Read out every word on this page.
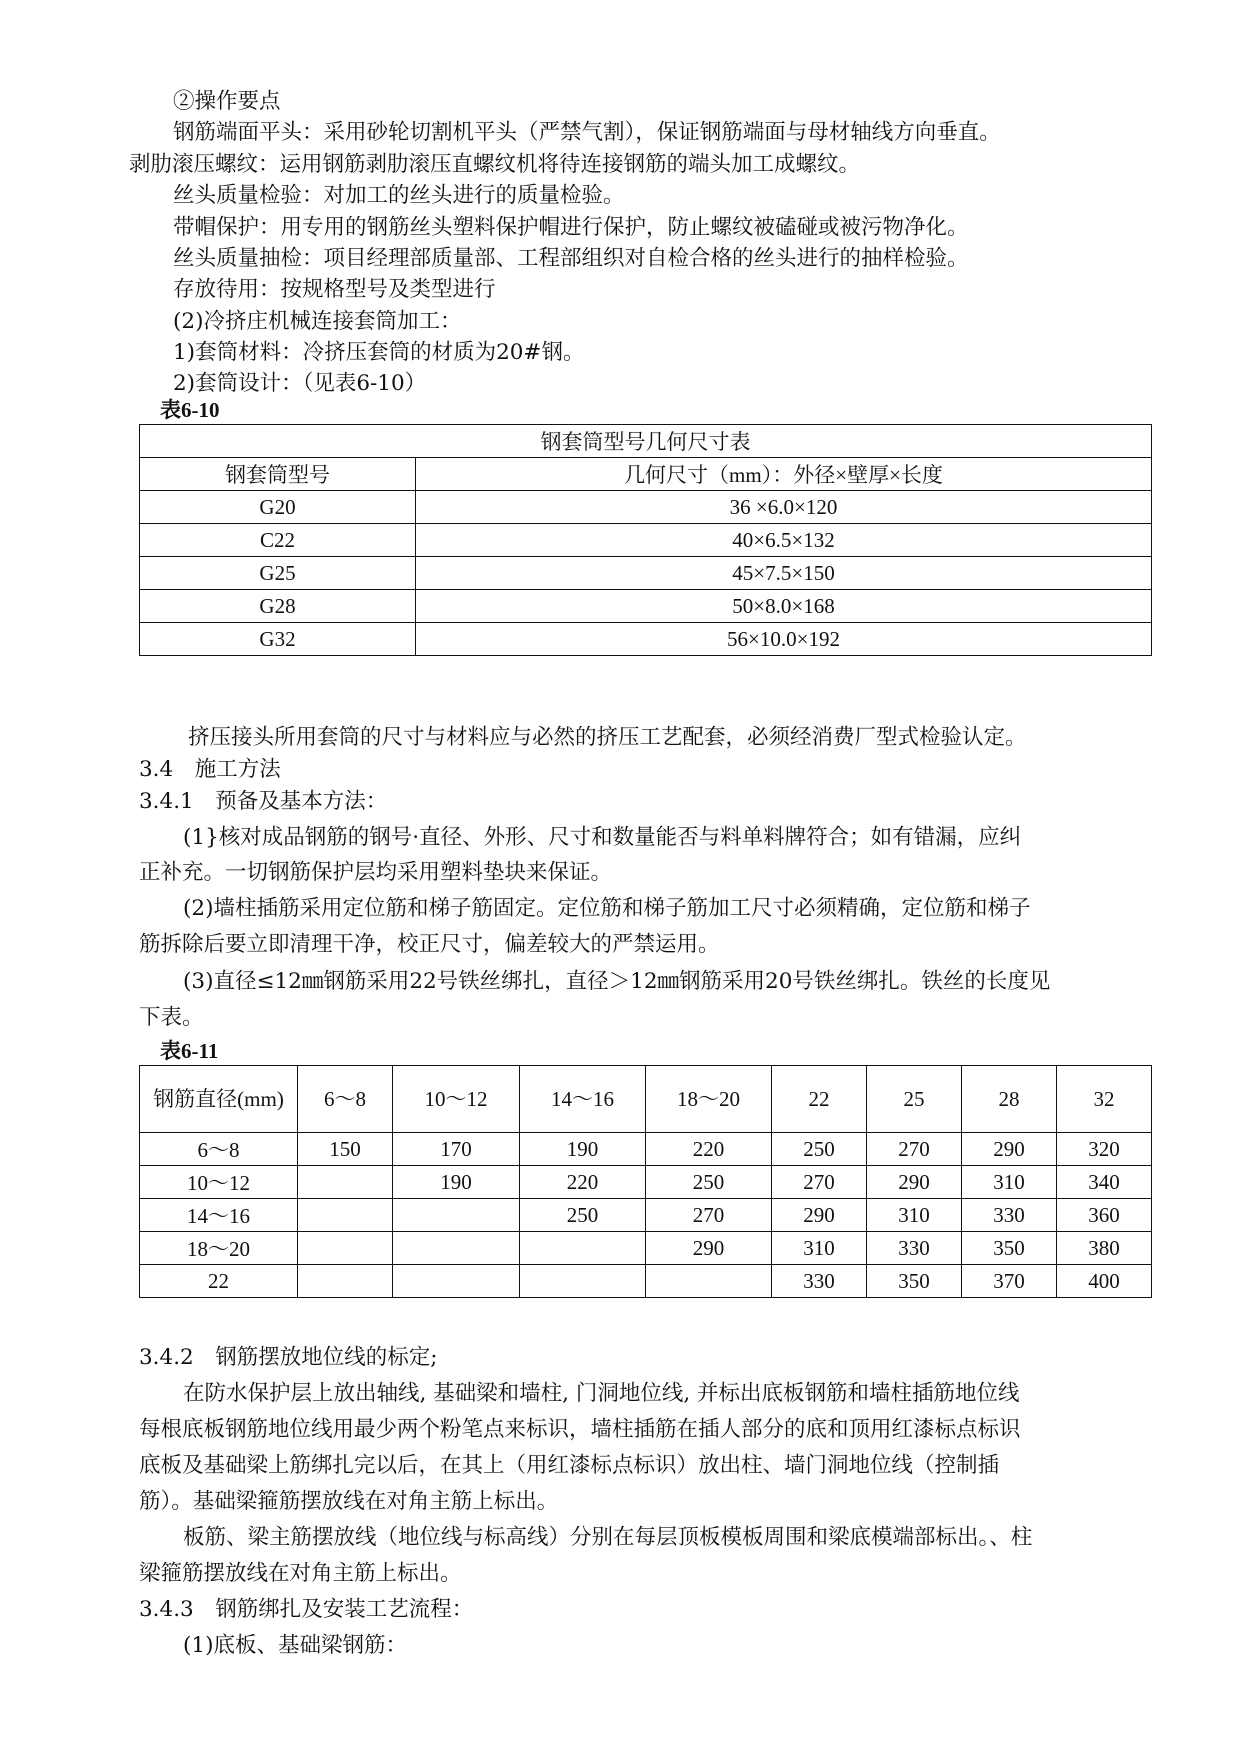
②操作要点
钢筋端面平头：采用砂轮切割机平头（严禁气割），保证钢筋端面与母材轴线方向垂直。
剥肋滚压螺纹：运用钢筋剥肋滚压直螺纹机将待连接钢筋的端头加工成螺纹。
丝头质量检验：对加工的丝头进行的质量检验。
带帽保护：用专用的钢筋丝头塑料保护帽进行保护，防止螺纹被磕碰或被污物净化。
丝头质量抽检：项目经理部质量部、工程部组织对自检合格的丝头进行的抽样检验。
存放待用：按规格型号及类型进行
(2)冷挤庄机械连接套筒加工：
1)套筒材料：冷挤压套筒的材质为20#钢。
2)套筒设计：（见表6-10）
表6-10
钢套筒型号几何尺寸表	
钢套筒型号	几何尺寸（mm）：外径×壁厚×长度
G20	36 ×6.0×120
C22	40×6.5×132
G25	45×7.5×150
G28	50×8.0×168
G32	56×10.0×192
挤压接头所用套筒的尺寸与材料应与必然的挤压工艺配套，必须经消费厂型式检验认定。
3.4　施工方法
3.4.1　预备及基本方法：
(1}核对成品钢筋的钢号·直径、外形、尺寸和数量能否与料单料牌符合；如有错漏，应纠
正补充。一切钢筋保护层均采用塑料垫块来保证。
(2)墙柱插筋采用定位筋和梯子筋固定。定位筋和梯子筋加工尺寸必须精确，定位筋和梯子
筋拆除后要立即清理干净，校正尺寸，偏差较大的严禁运用。
(3)直径≤12㎜钢筋采用22号铁丝绑扎，直径＞12㎜钢筋采用20号铁丝绑扎。铁丝的长度见
下表。
表6-11
钢筋直径(mm)	6～8	10～12	14～16	18～20	22	25	28	32
6～8	150	170	190	220	250	270	290	320
10～12		190	220	250	270	290	310	340
14～16			250	270	290	310	330	360
18～20				290	310	330	350	380
22					330	350	370	400
3.4.2　钢筋摆放地位线的标定;
在防水保护层上放出轴线, 基础梁和墙柱, 门洞地位线, 并标出底板钢筋和墙柱插筋地位线
每根底板钢筋地位线用最少两个粉笔点来标识，墙柱插筋在插人部分的底和顶用红漆标点标识
底板及基础梁上筋绑扎完以后，在其上（用红漆标点标识）放出柱、墙门洞地位线（控制插
筋）。基础梁箍筋摆放线在对角主筋上标出。
板筋、梁主筋摆放线（地位线与标高线）分别在每层顶板模板周围和梁底模端部标出。、柱
梁箍筋摆放线在对角主筋上标出。
3.4.3　钢筋绑扎及安装工艺流程：
(1)底板、基础梁钢筋：
